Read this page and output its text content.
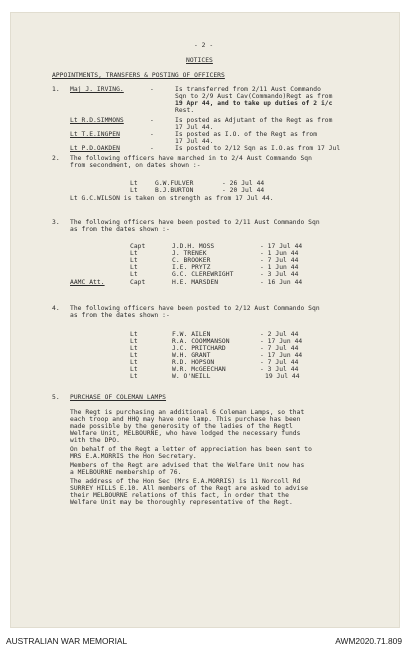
- 2 -
NOTICES
APPOINTMENTS, TRANSFERS & POSTING OF OFFICERS
1. Maj J. IRVING.	-	Is transferred from 2/11 Aust Commando
Sqn to 2/9 Aust Cav(Commando)Regt as from
19 Apr 44, and to take up duties of 2 i/c
Rest.
Lt R.D.SIMMONS	-	Is posted as Adjutant of the Regt as from
17 Jul 44.
Lt T.E.INGPEN	-	Is posted as I.O. of the Regt as from
17 Jul 44.
Lt P.D.OAKDEN	-	Is posted to 2/12 Sqn as I.O.as from 17 Jul
2. The following officers have marched in to 2/4 Aust Commando Sqn
from secondment, on dates shown :-
Lt	G.W.FULVER	- 26 Jul 44
Lt	B.J.BURTON	- 20 Jul 44
Lt G.C.WILSON is taken on strength as from 17 Jul 44.
3. The following officers have been posted to 2/11 Aust Commando Sqn
as from the dates shown :-
Capt	J.D.H. MOSS	- 17 Jul 44
Lt	J. TRENEK	- 1 Jun 44
Lt	C. BROOKER	- 7 Jul 44
Lt	I.E. PRYTZ	- 1 Jun 44
Lt	G.C. CLEREWRIGHT	- 3 Jul 44
AAMC Att.	Capt	H.E. MARSDEN	- 16 Jun 44
4. The following officers have been posted to 2/12 Aust Commando Sqn
as from the dates shown :-
Lt	F.W. AILEN	- 2 Jul 44
Lt	R.A. COOMMANSON	- 17 Jun 44
Lt	J.C. PRITCHARD	- 7 Jul 44
Lt	W.H. GRANT	- 17 Jun 44
Lt	R.D. HOPSON	- 7 Jul 44
Lt	W.R. McGEECHAN	- 3 Jul 44
Lt	W. O'NEILL	19 Jul 44
5. PURCHASE OF COLEMAN LAMPS
The Regt is purchasing an additional 6 Coleman Lamps, so that
each troop and HHQ may have one lamp. This purchase has been
made possible by the generosity of the ladies of the Regtl
Welfare Unit, MELBOURNE, who have lodged the necessary funds
with the DPO.
On behalf of the Regt a letter of appreciation has been sent to
MRS E.A.MORRIS the Hon Secretary.
Members of the Regt are advised that the Welfare Unit now has
a MELBOURNE membership of 76.
The address of the Hon Sec (Mrs E.A.MORRIS) is 11 Norcoll Rd
SURREY HILLS E.10. All members of the Regt are asked to advise
their MELBOURNE relations of this fact, in order that the
Welfare Unit may be thoroughly representative of the Regt.
AUSTRALIAN WAR MEMORIAL	AWM2020.71.809
